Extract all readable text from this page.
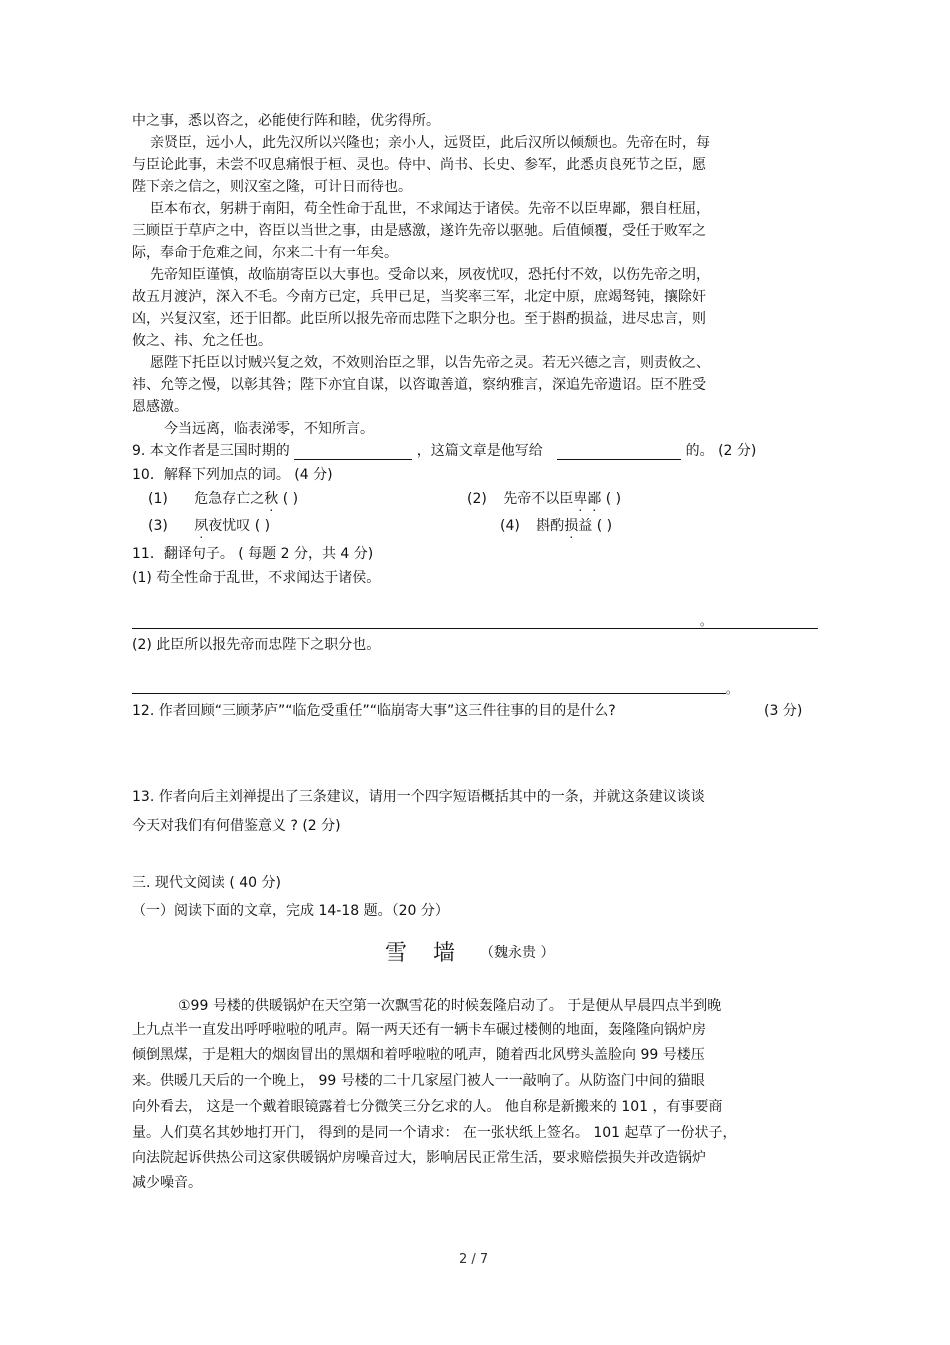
中之事，悉以咨之，必能使行阵和睦，优劣得所。
亲贤臣，远小人，此先汉所以兴隆也；亲小人，远贤臣，此后汉所以倾颓也。先帝在时，每
与臣论此事，未尝不叹息痛恨于桓、灵也。侍中、尚书、长史、参军，此悉贞良死节之臣，愿
陛下亲之信之，则汉室之隆，可计日而待也。
臣本布衣，躬耕于南阳，苟全性命于乱世，不求闻达于诸侯。先帝不以臣卑鄙，猥自枉屈，
三顾臣于草庐之中，咨臣以当世之事，由是感激，遂许先帝以驱驰。后值倾覆，受任于败军之
际，奉命于危难之间，尔来二十有一年矣。
先帝知臣谨慎，故临崩寄臣以大事也。受命以来，夙夜忧叹，恐托付不效，以伤先帝之明，
故五月渡泸，深入不毛。今南方已定，兵甲已足，当奖率三军，北定中原，庶竭驽钝，攘除奸
凶，兴复汉室，还于旧都。此臣所以报先帝而忠陛下之职分也。至于斟酌损益，进尽忠言，则
攸之、祎、允之任也。
愿陛下托臣以讨贼兴复之效，不效则治臣之罪，以告先帝之灵。若无兴德之言，则责攸之、
祎、允等之慢，以彰其咎；陛下亦宜自谋，以咨诹善道，察纳雅言，深追先帝遗诏。臣不胜受
恩感激。
今当远离，临表涕零，不知所言。
9. 本文作者是三国时期的	，这篇文章是他写给	的。 (2 分)
10．解释下列加点的词。 (4 分)
(1) 危急存亡之秋 ( )	(2) 先帝不以臣卑鄙 ( )
(3) 夙夜忧叹 ( )	(4) 斟酌损益 ( )
11．翻译句子。 ( 每题 2 分，共 4 分)
(1) 苟全性命于乱世，不求闻达于诸侯。
。
(2) 此臣所以报先帝而忠陛下之职分也。
。
12. 作者回顾“三顾茅庐”“临危受重任”“临崩寄大事”这三件往事的目的是什么?	(3 分)
13. 作者向后主刘禅提出了三条建议，请用一个四字短语概括其中的一条，并就这条建议谈谈
今天对我们有何借鉴意义 ? (2 分)
三. 现代文阅读 ( 40 分)
（一）阅读下面的文章，完成 14-18 题。（20 分）
雪墙
（魏永贵 ）
①99 号楼的供暖锅炉在天空第一次飘雪花的时候轰隆启动了。 于是便从早晨四点半到晚
上九点半一直发出呼呼啦啦的吼声。隔一两天还有一辆卡车碾过楼侧的地面，轰隆隆向锅炉房
倾倒黑煤，于是粗大的烟囱冒出的黑烟和着呼啦啦的吼声，随着西北风劈头盖脸向 99 号楼压
来。供暖几天后的一个晚上， 99 号楼的二十几家屋门被人一一敲响了。从防盗门中间的猫眼
向外看去， 这是一个戴着眼镜露着七分微笑三分乞求的人。 他自称是新搬来的 101 ，有事要商
量。人们莫名其妙地打开门， 得到的是同一个请求： 在一张状纸上签名。 101 起草了一份状子，
向法院起诉供热公司这家供暖锅炉房噪音过大，影响居民正常生活，要求赔偿损失并改造锅炉
减少噪音。
2 / 7
